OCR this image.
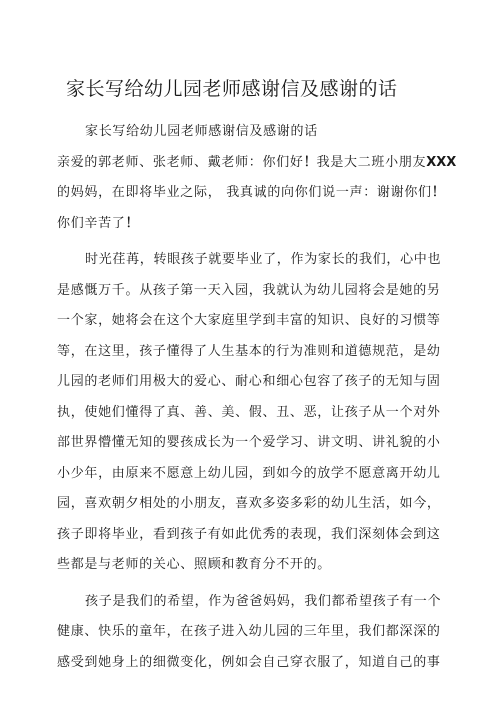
家长写给幼儿园老师感谢信及感谢的话
家长写给幼儿园老师感谢信及感谢的话
亲爱的郭老师、张老师、戴老师：你们好！我是大二班小朋友XXX
的妈妈，在即将毕业之际， 我真诚的向你们说一声：谢谢你们！
你们辛苦了！
时光荏苒，转眼孩子就要毕业了，作为家长的我们，心中也
是感慨万千。从孩子第一天入园，我就认为幼儿园将会是她的另
一个家，她将会在这个大家庭里学到丰富的知识、良好的习惯等
等，在这里，孩子懂得了人生基本的行为准则和道德规范，是幼
儿园的老师们用极大的爱心、耐心和细心包容了孩子的无知与固
执，使她们懂得了真、善、美、假、丑、恶，让孩子从一个对外
部世界懵懂无知的婴孩成长为一个爱学习、讲文明、讲礼貌的小
小少年，由原来不愿意上幼儿园，到如今的放学不愿意离开幼儿
园，喜欢朝夕相处的小朋友，喜欢多姿多彩的幼儿生活，如今，
孩子即将毕业，看到孩子有如此优秀的表现，我们深刻体会到这
些都是与老师的关心、照顾和教育分不开的。
孩子是我们的希望，作为爸爸妈妈，我们都希望孩子有一个
健康、快乐的童年，在孩子进入幼儿园的三年里，我们都深深的
感受到她身上的细微变化，例如会自己穿衣服了，知道自己的事
